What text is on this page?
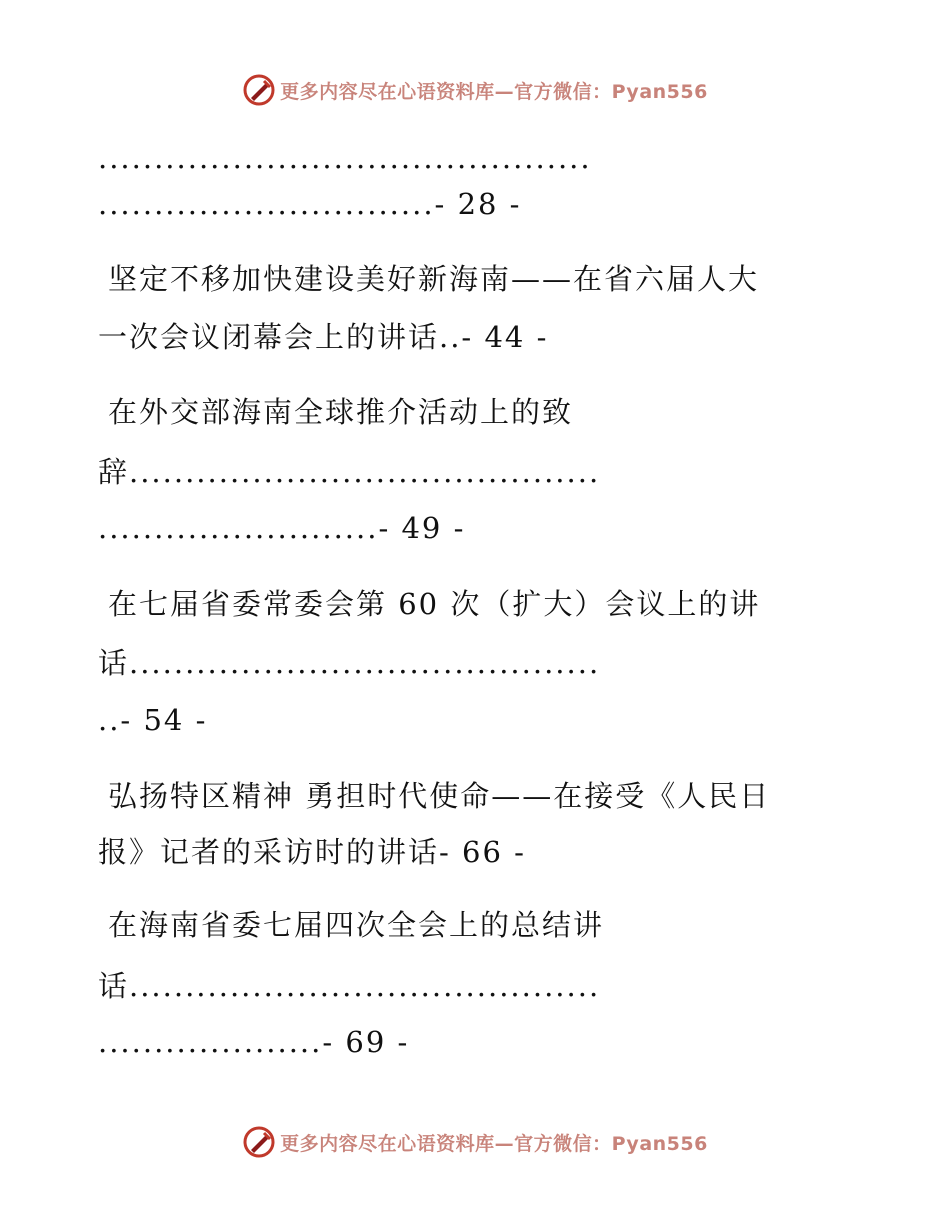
更多内容尽在心语资料库—官方微信：Pyan556
............................................
..............................- 28 -
坚定不移加快建设美好新海南——在省六届人大
一次会议闭幕会上的讲话..- 44 -
在外交部海南全球推介活动上的致
辞..........................................
.........................- 49 -
在七届省委常委会第 60 次（扩大）会议上的讲
话..........................................
..- 54 -
弘扬特区精神 勇担时代使命——在接受《人民日
报》记者的采访时的讲话- 66 -
在海南省委七届四次全会上的总结讲
话..........................................
....................- 69 -
更多内容尽在心语资料库—官方微信：Pyan556
